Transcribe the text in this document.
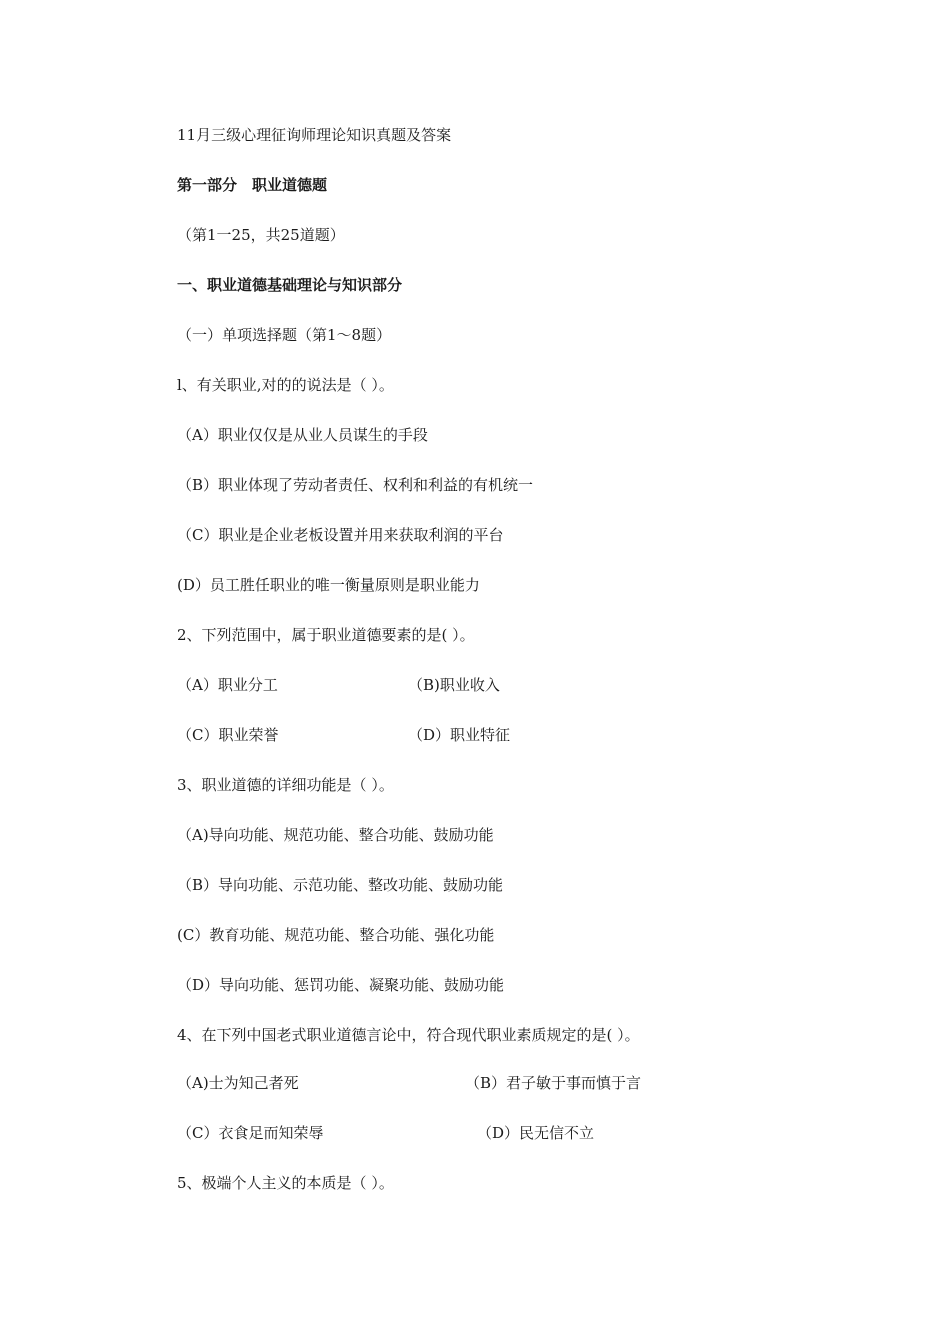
11月三级心理征询师理论知识真题及答案
第一部分　职业道德题
（第1一25，共25道题）
一、职业道德基础理论与知识部分
（一）单项选择题（第1～8题）
l、有关职业,对的的说法是（ ）。
（A）职业仅仅是从业人员谋生的手段
（B）职业体现了劳动者责任、权利和利益的有机统一
（C）职业是企业老板设置并用来获取利润的平台
(D）员工胜任职业的唯一衡量原则是职业能力
2、下列范围中，属于职业道德要素的是( ）。
（A）职业分工	（B)职业收入
（C）职业荣誉	（D）职业特征
3、职业道德的详细功能是（ ）。
（A)导向功能、规范功能、整合功能、鼓励功能
（B）导向功能、示范功能、整改功能、鼓励功能
(C）教育功能、规范功能、整合功能、强化功能
（D）导向功能、惩罚功能、凝聚功能、鼓励功能
4、在下列中国老式职业道德言论中，符合现代职业素质规定的是( ）。
（A)士为知己者死	（B）君子敏于事而慎于言
（C）衣食足而知荣辱	（D）民无信不立
5、极端个人主义的本质是（ ）。
